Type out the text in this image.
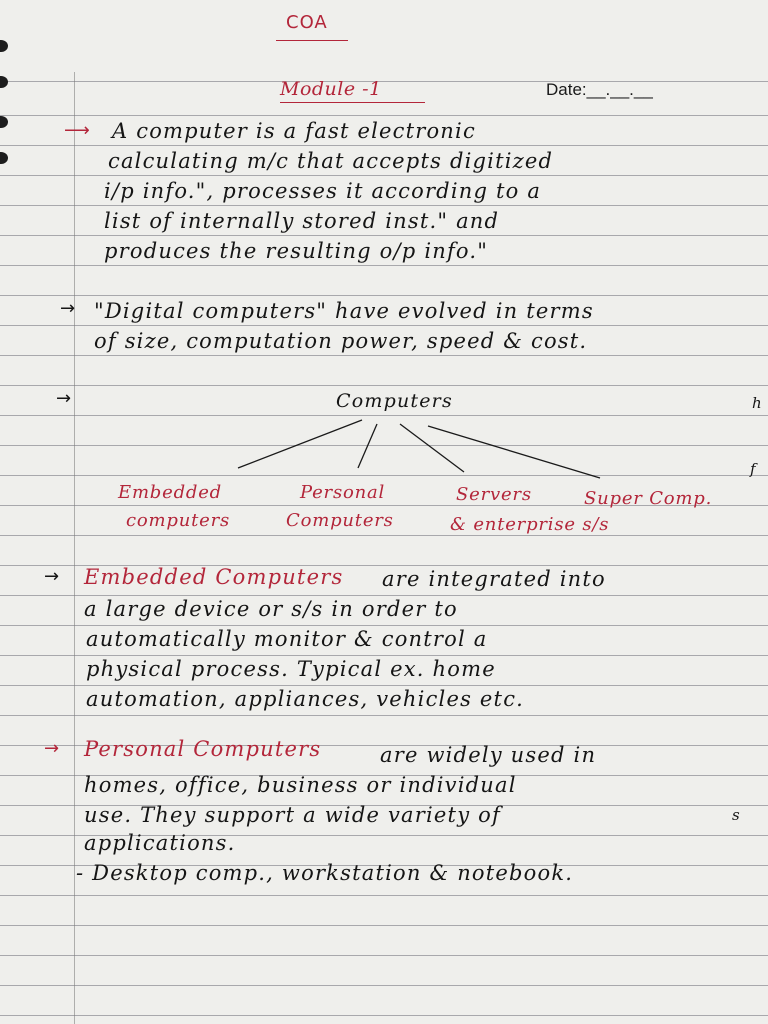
COA
Module -1	Date:__.__.__
⟶ A computer is a fast electronic
calculating m/c that accepts digitized
i/p info.", processes it according to a
list of internally stored inst." and
produces the resulting o/p info."
→ "Digital computers" have evolved in terms
of size, computation power, speed & cost.
→	Computers
Embedded
computers
Personal
Computers
Servers
& enterprise s/s
Super Comp.
→ Embedded Computers are integrated into
a large device or s/s in order to
automatically monitor & control a
physical process. Typical ex. home
automation, appliances, vehicles etc.
→ Personal Computers	are widely used in
homes, office, business or individual
use. They support a wide variety of
applications.
- Desktop comp., workstation & notebook.
h
f
s
